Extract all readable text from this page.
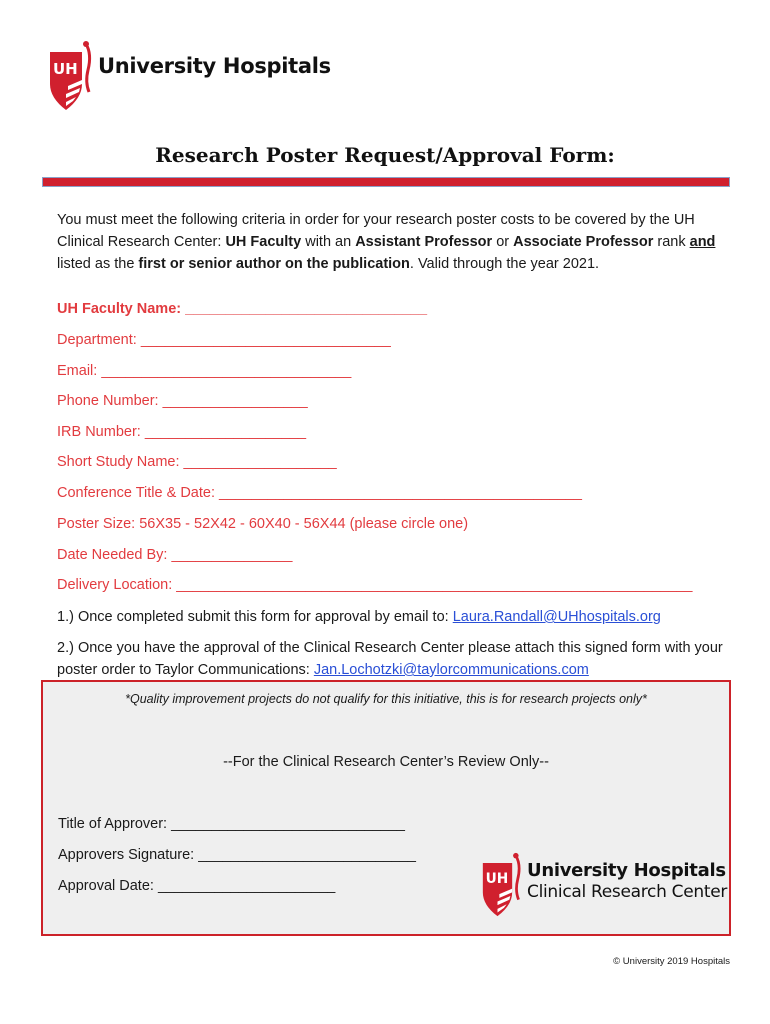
UH University Hospitals
Research Poster Request/Approval Form:
You must meet the following criteria in order for your research poster costs to be covered by the UH Clinical Research Center: UH Faculty with an Assistant Professor or Associate Professor rank and listed as the first or senior author on the publication. Valid through the year 2021.
UH Faculty Name: ______________________________
Department: _______________________________
Email: _______________________________
Phone Number: __________________
IRB Number: ____________________
Short Study Name: ___________________
Conference Title & Date: _____________________________________________
Poster Size: 56X35 - 52X42 - 60X40 - 56X44 (please circle one)
Date Needed By: _______________
Delivery Location: ________________________________________________________________
1.) Once completed submit this form for approval by email to: Laura.Randall@UHhospitals.org
2.) Once you have the approval of the Clinical Research Center please attach this signed form with your poster order to Taylor Communications: Jan.Lochotzki@taylorcommunications.com
*Quality improvement projects do not qualify for this initiative, this is for research projects only*
--For the Clinical Research Center’s Review Only--
Title of Approver: _____________________________
Approvers Signature: ___________________________
Approval Date: ______________________	UH University Hospitals
Clinical Research Center
© University 2019 Hospitals
